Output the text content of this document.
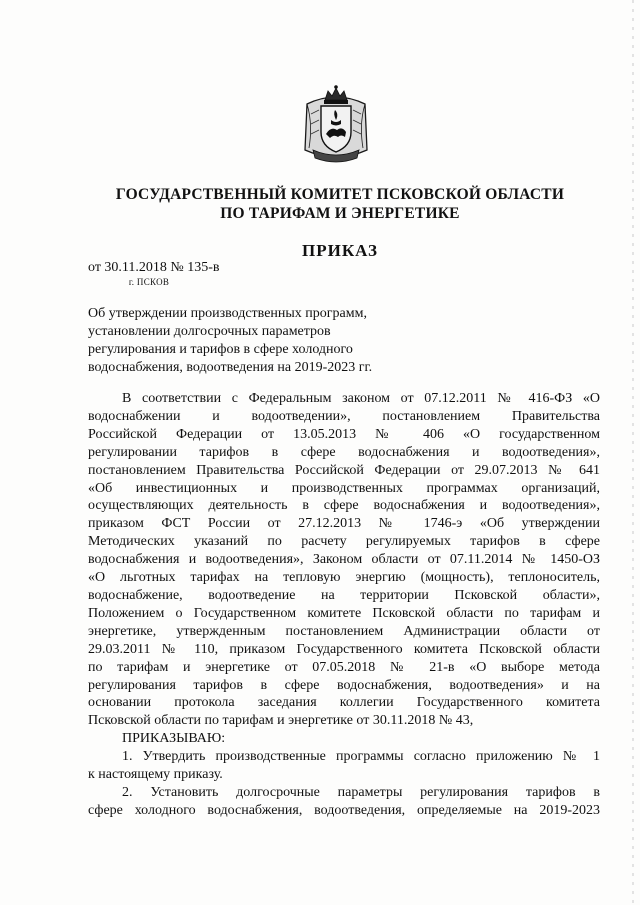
ГОСУДАРСТВЕННЫЙ КОМИТЕТ ПСКОВСКОЙ ОБЛАСТИ
ПО ТАРИФАМ И ЭНЕРГЕТИКЕ
ПРИКАЗ
от 30.11.2018 № 135-в
г. ПСКОВ
Об утверждении производственных программ,
установлении долгосрочных параметров
регулирования и тарифов в сфере холодного
водоснабжения, водоотведения на 2019-2023 гг.
В соответствии с Федеральным законом от 07.12.2011 № 416-ФЗ «О
водоснабжении и водоотведении», постановлением Правительства
Российской Федерации от 13.05.2013 № 406 «О государственном
регулировании тарифов в сфере водоснабжения и водоотведения»,
постановлением Правительства Российской Федерации от 29.07.2013 № 641
«Об инвестиционных и производственных программах организаций,
осуществляющих деятельность в сфере водоснабжения и водоотведения»,
приказом ФСТ России от 27.12.2013 № 1746-э «Об утверждении
Методических указаний по расчету регулируемых тарифов в сфере
водоснабжения и водоотведения», Законом области от 07.11.2014 № 1450-ОЗ
«О льготных тарифах на тепловую энергию (мощность), теплоноситель,
водоснабжение, водоотведение на территории Псковской области»,
Положением о Государственном комитете Псковской области по тарифам и
энергетике, утвержденным постановлением Администрации области от
29.03.2011 № 110, приказом Государственного комитета Псковской области
по тарифам и энергетике от 07.05.2018 № 21-в «О выборе метода
регулирования тарифов в сфере водоснабжения, водоотведения» и на
основании протокола заседания коллегии Государственного комитета
Псковской области по тарифам и энергетике от 30.11.2018 № 43,
ПРИКАЗЫВАЮ:
1. Утвердить производственные программы согласно приложению № 1
к настоящему приказу.
2. Установить долгосрочные параметры регулирования тарифов в
сфере холодного водоснабжения, водоотведения, определяемые на 2019-2023
